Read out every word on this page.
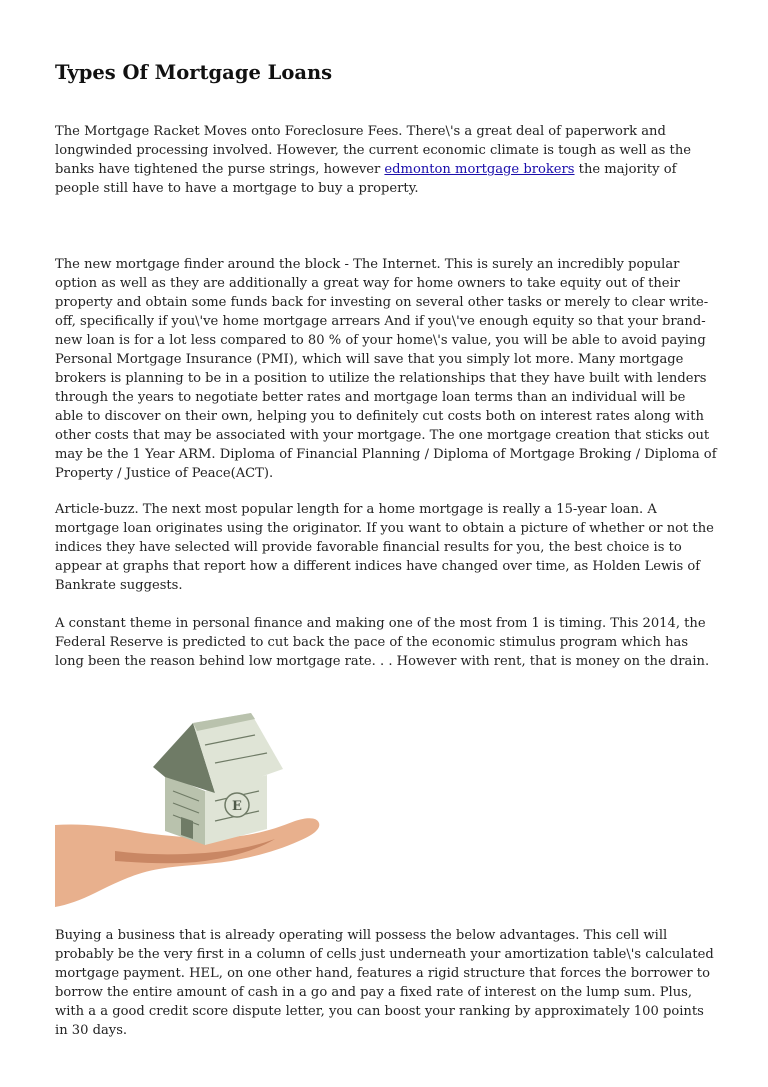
Types Of Mortgage Loans

The Mortgage Racket Moves onto Foreclosure Fees. There\'s a great deal of paperwork and longwinded processing involved. However, the current economic climate is tough as well as the banks have tightened the purse strings, however edmonton mortgage brokers the majority of people still have to have a mortgage to buy a property.

The new mortgage finder around the block - The Internet. This is surely an incredibly popular option as well as they are additionally a great way for home owners to take equity out of their property and obtain some funds back for investing on several other tasks or merely to clear write-off, specifically if you\'ve home mortgage arrears And if you\'ve enough equity so that your brand-new loan is for a lot less compared to 80 % of your home\'s value, you will be able to avoid paying Personal Mortgage Insurance (PMI), which will save that you simply lot more. Many mortgage brokers is planning to be in a position to utilize the relationships that they have built with lenders through the years to negotiate better rates and mortgage loan terms than an individual will be able to discover on their own, helping you to definitely cut costs both on interest rates along with other costs that may be associated with your mortgage. The one mortgage creation that sticks out may be the 1 Year ARM. Diploma of Financial Planning / Diploma of Mortgage Broking / Diploma of Property / Justice of Peace(ACT).

Article-buzz. The next most popular length for a home mortgage is really a 15-year loan. A mortgage loan originates using the originator. If you want to obtain a picture of whether or not the indices they have selected will provide favorable financial results for you, the best choice is to appear at graphs that report how a different indices have changed over time, as Holden Lewis of Bankrate suggests.

A constant theme in personal finance and making one of the most from 1 is timing. This 2014, the Federal Reserve is predicted to cut back the pace of the economic stimulus program which has long been the reason behind low mortgage rate. . . However with rent, that is money on the drain.

E

Buying a business that is already operating will possess the below advantages. This cell will probably be the very first in a column of cells just underneath your amortization table\'s calculated mortgage payment. HEL, on one other hand, features a rigid structure that forces the borrower to borrow the entire amount of cash in a go and pay a fixed rate of interest on the lump sum. Plus, with a a good credit score dispute letter, you can boost your ranking by approximately 100 points in 30 days.
